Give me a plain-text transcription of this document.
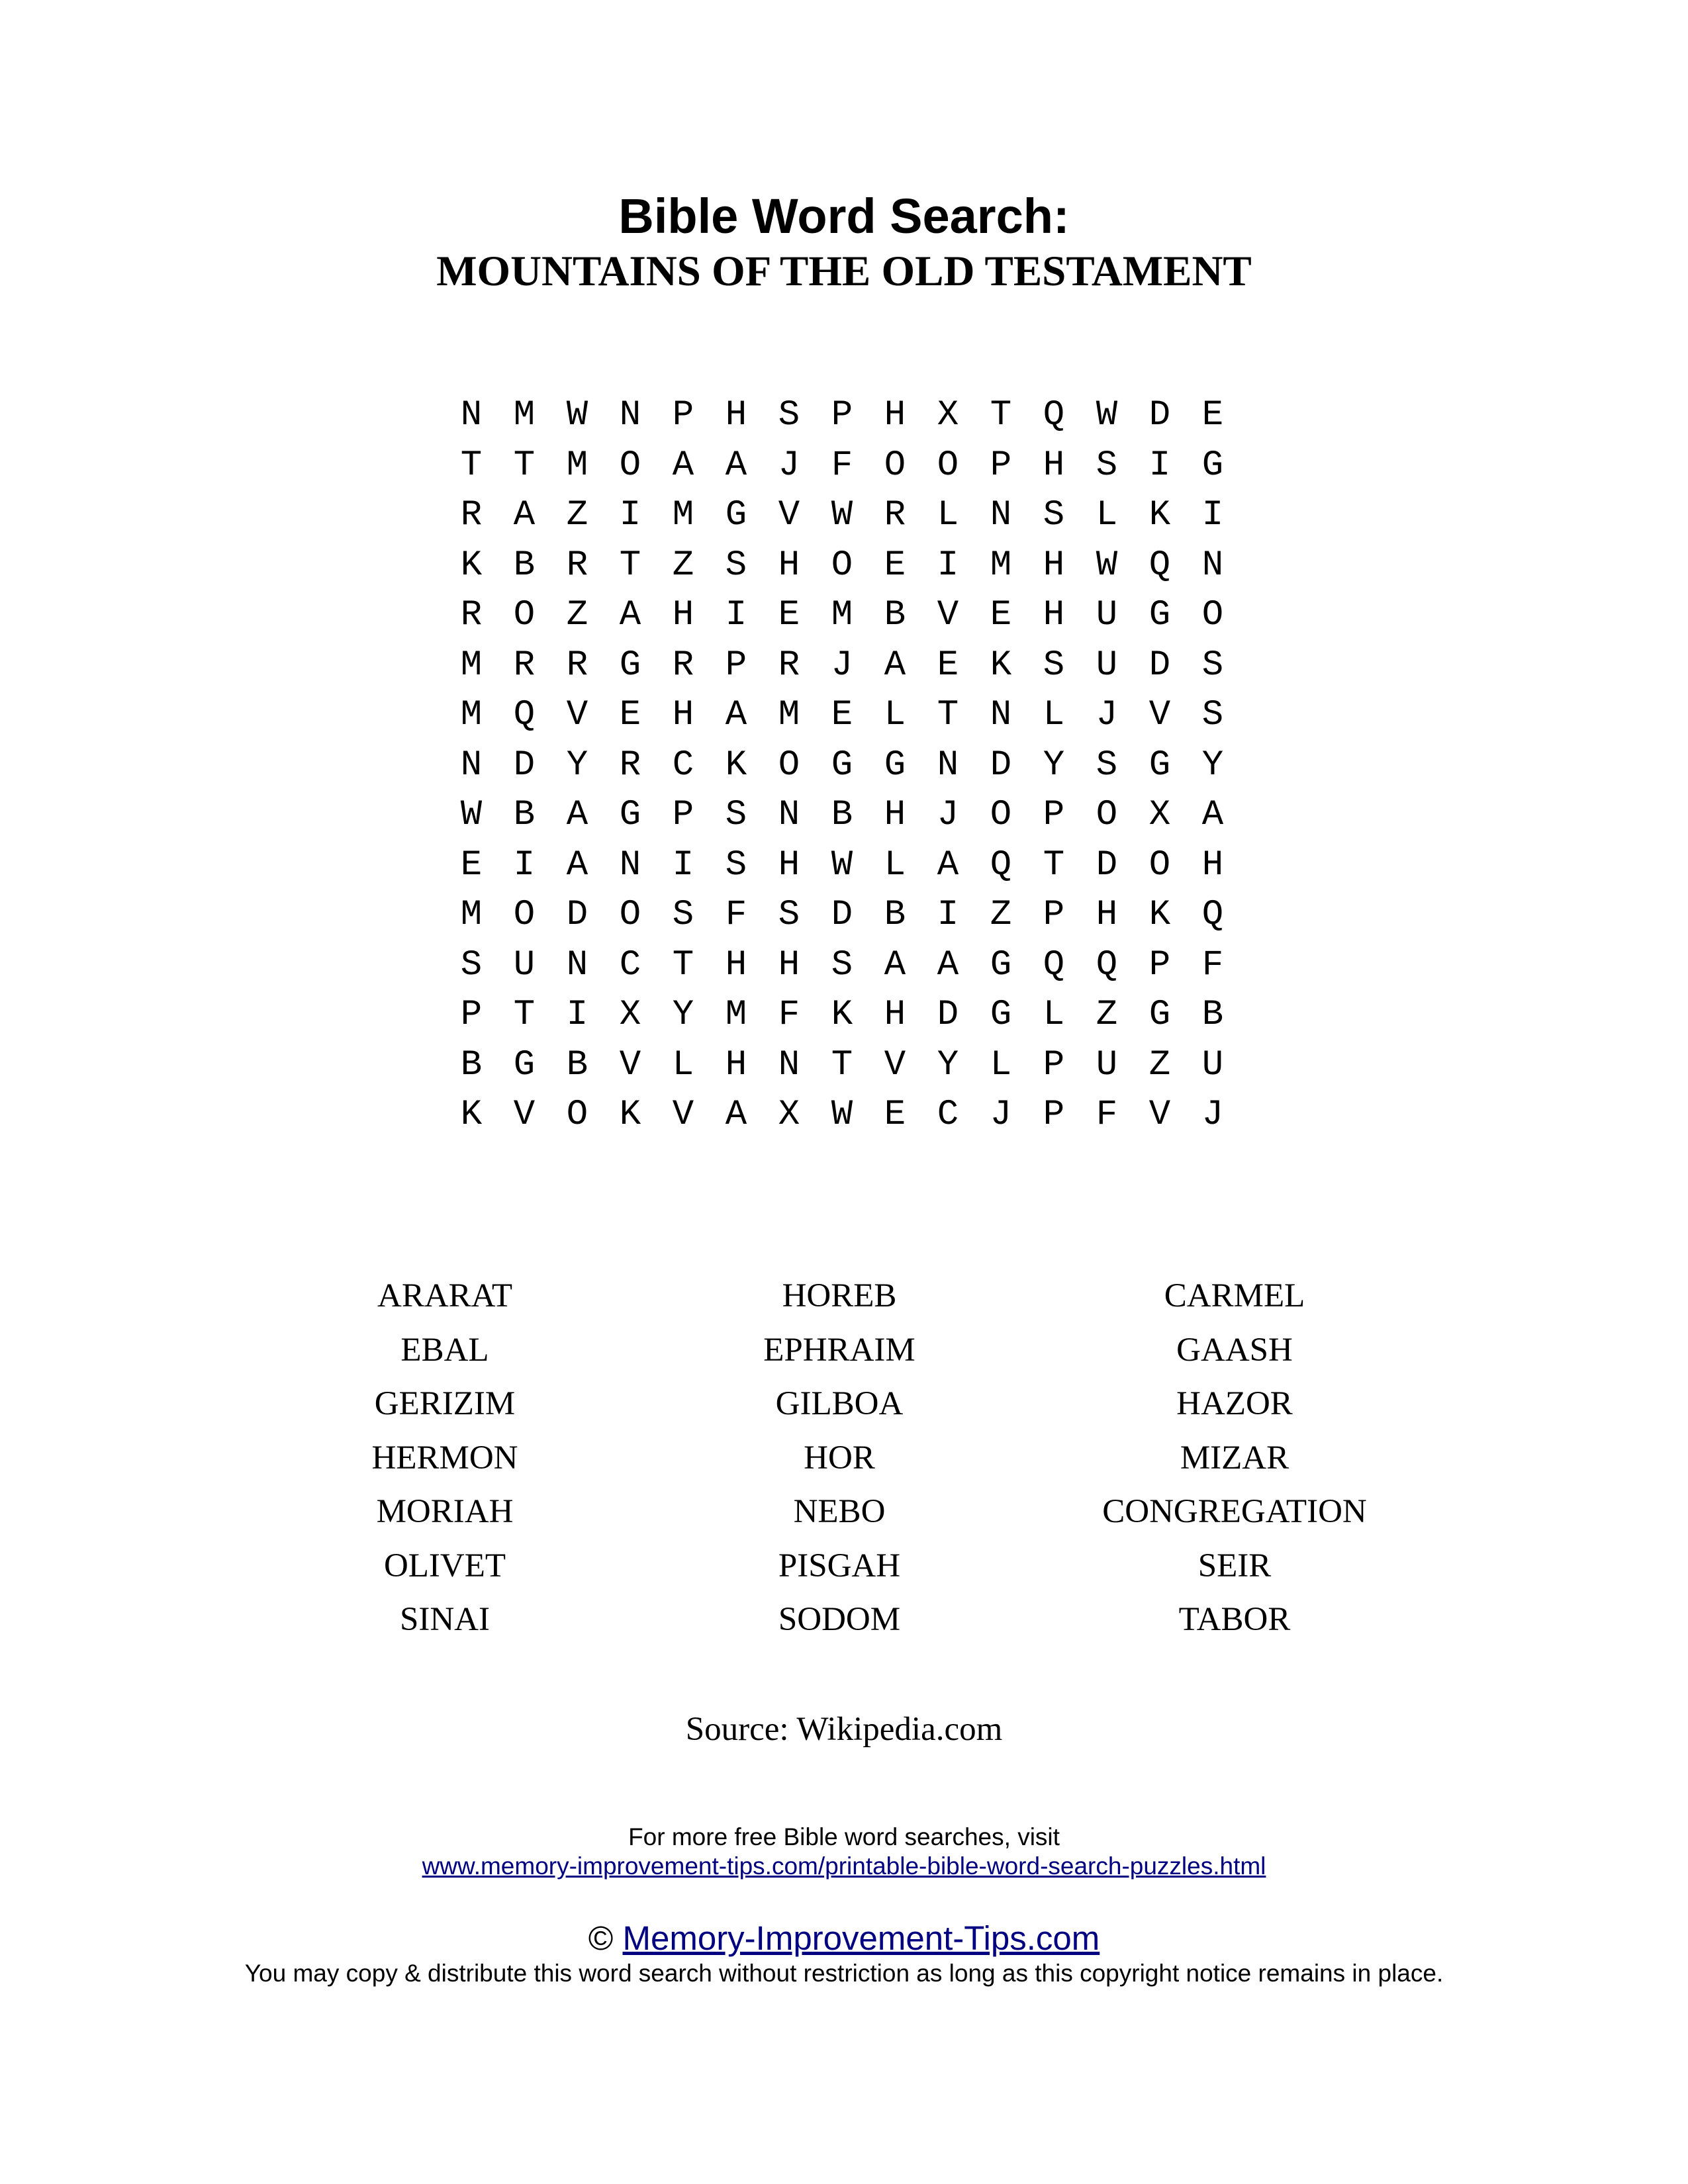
Bible Word Search:
MOUNTAINS OF THE OLD TESTAMENT
N M W N P H S P H X T Q W D E
T T M O A A J F O O P H S I G
R A Z I M G V W R L N S L K I
K B R T Z S H O E I M H W Q N
R O Z A H I E M B V E H U G O
M R R G R P R J A E K S U D S
M Q V E H A M E L T N L J V S
N D Y R C K O G G N D Y S G Y
W B A G P S N B H J O P O X A
E I A N I S H W L A Q T D O H
M O D O S F S D B I Z P H K Q
S U N C T H H S A A G Q Q P F
P T I X Y M F K H D G L Z G B
B G B V L H N T V Y L P U Z U
K V O K V A X W E C J P F V J
ARARAT	HOREB	CARMEL
EBAL	EPHRAIM	GAASH
GERIZIM	GILBOA	HAZOR
HERMON	HOR	MIZAR
MORIAH	NEBO	CONGREGATION
OLIVET	PISGAH	SEIR
SINAI	SODOM	TABOR
Source: Wikipedia.com
For more free Bible word searches, visit
www.memory-improvement-tips.com/printable-bible-word-search-puzzles.html
© Memory-Improvement-Tips.com
You may copy & distribute this word search without restriction as long as this copyright notice remains in place.
